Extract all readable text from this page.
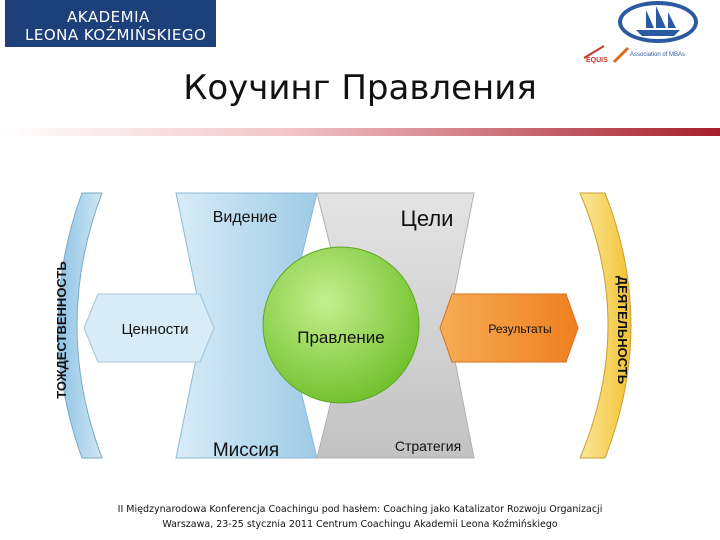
AKADEMIA
LEONA KOŹMIŃSKIEGO
EQUIS
Association of MBAs
Коучинг Правления
Видение	Цели
Ценности	Правление	Результаты
Миссия	Стратегия
ТОЖДЕСТВЕННОСТЬ	ДЕЯТЕЛЬНОСТЬ
II Międzynarodowa Konferencja Coachingu pod hasłem: Coaching jako Katalizator Rozwoju Organizacji
Warszawa, 23-25 stycznia 2011 Centrum Coachingu Akademii Leona Koźmińskiego
